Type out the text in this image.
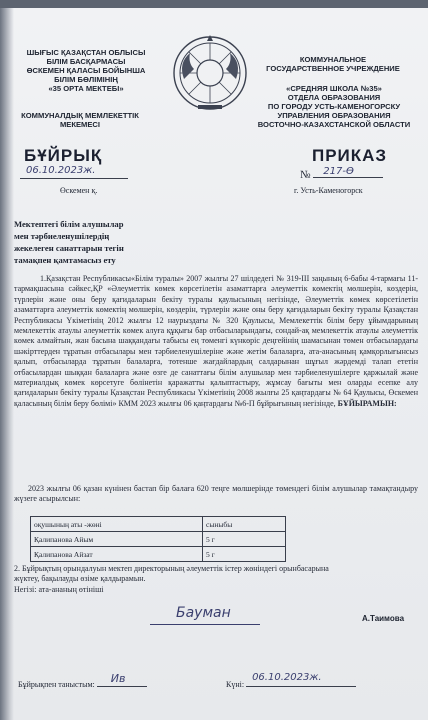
ШЫҒЫС ҚАЗАҚСТАН ОБЛЫСЫ
БІЛІМ БАСҚАРМАСЫ
ӨСКЕМЕН ҚАЛАСЫ БОЙЫНША
БІЛІМ БӨЛІМІНІҢ
«35 ОРТА МЕКТЕБІ»
КОММУНАЛДЫҚ МЕМЛЕКЕТТІК
МЕКЕМЕСІ
КОММУНАЛЬНОЕ
ГОСУДАРСТВЕННОЕ УЧРЕЖДЕНИЕ
«СРЕДНЯЯ ШКОЛА №35»
ОТДЕЛА ОБРАЗОВАНИЯ
ПО ГОРОДУ УСТЬ-КАМЕНОГОРСКУ
УПРАВЛЕНИЯ ОБРАЗОВАНИЯ
ВОСТОЧНО-КАЗАХСТАНСКОЙ ОБЛАСТИ
БҰЙРЫҚ	ПРИКАЗ
06.10.2023ж.	№ 217-Ө
Өскемен қ.	г. Усть-Каменогорск
Мектептегі білім алушылар
мен тәрбиеленушілердің
жекелеген санаттарын тегін
тамақпен қамтамасыз ету
1.Қазақстан Республикасы«Білім туралы» 2007 жылғы 27 шілдедегі № 319-ІІІ заңының 6-бабы 4-тармағы 11-тармақшасына сәйкес,ҚР «Әлеуметтік көмек көрсетілетін азаматтарға әлеуметтік көмектің мөлшерін, көздерін, түрлерін және оны беру қағидаларын бекіту туралы қаулысының негізінде, Әлеуметтік көмек көрсетілетін азаматтарға әлеуметтік көмектің мөлшерін, көздерін, түрлерін және оны беру қағидаларын бекіту туралы Қазақстан Республикасы Үкіметінің 2012 жылғы 12 наурыздағы № 320 Қаулысы, Мемлекеттік білім беру ұйымдарының мемлекеттік атаулы әлеуметтік көмек алуға құқығы бар отбасыларындағы, сондай-ақ мемлекеттік атаулы әлеуметтік көмек алмайтын, жан басына шаққандағы табысы ең төменгі күнкөріс деңгейінің шамасынан төмен отбасылардағы шәкірттерден тұратын отбасылары мен тәрбиеленушілеріне және жетім балаларға, ата-анасының қамқорлығынсыз қалып, отбасыларда тұратын балаларға, төтенше жағдайлардың салдарынан шұғыл жәрдемді талап ететін отбасылардан шыққан балаларға және өзге де санаттағы білім алушылар мен тәрбиеленушілерге қаржылай және материалдық көмек көрсетуге бөлінетін қаражатты қалыптастыру, жұмсау бағыты мен оларды есепке алу қағидаларын бекіту туралы Қазақстан Республикасы Үкіметінің 2008 жылғы 25 қаңтардағы № 64 Қаулысы, Өскемен қаласының білім беру бөлімі» КММ 2023 жылғы 06 қаңтардағы №6-П бұйрығының негізінде, БҰЙЫРАМЫН:
2023 жылғы 06 қазан күнінен бастап бір балаға 620 теңге мөлшерінде төмендегі білім алушылар тамақтандыру жүзеге асырылсын:
оқушының аты -жөні	сыныбы
Қалипанова Айым	5 г
Қалипанова Айзат	5 г
2. Бұйрықтың орындалуын мектеп директорының әлеуметтік істер жөніндегі орынбасарына
жүктеу, бақылауды өзіме қалдырамын.
Негізі: ата-ананың өтініші
Бауман	А.Таимова
Бұйрықпен таныстым: Ив	Күні:
06.10.2023ж.
